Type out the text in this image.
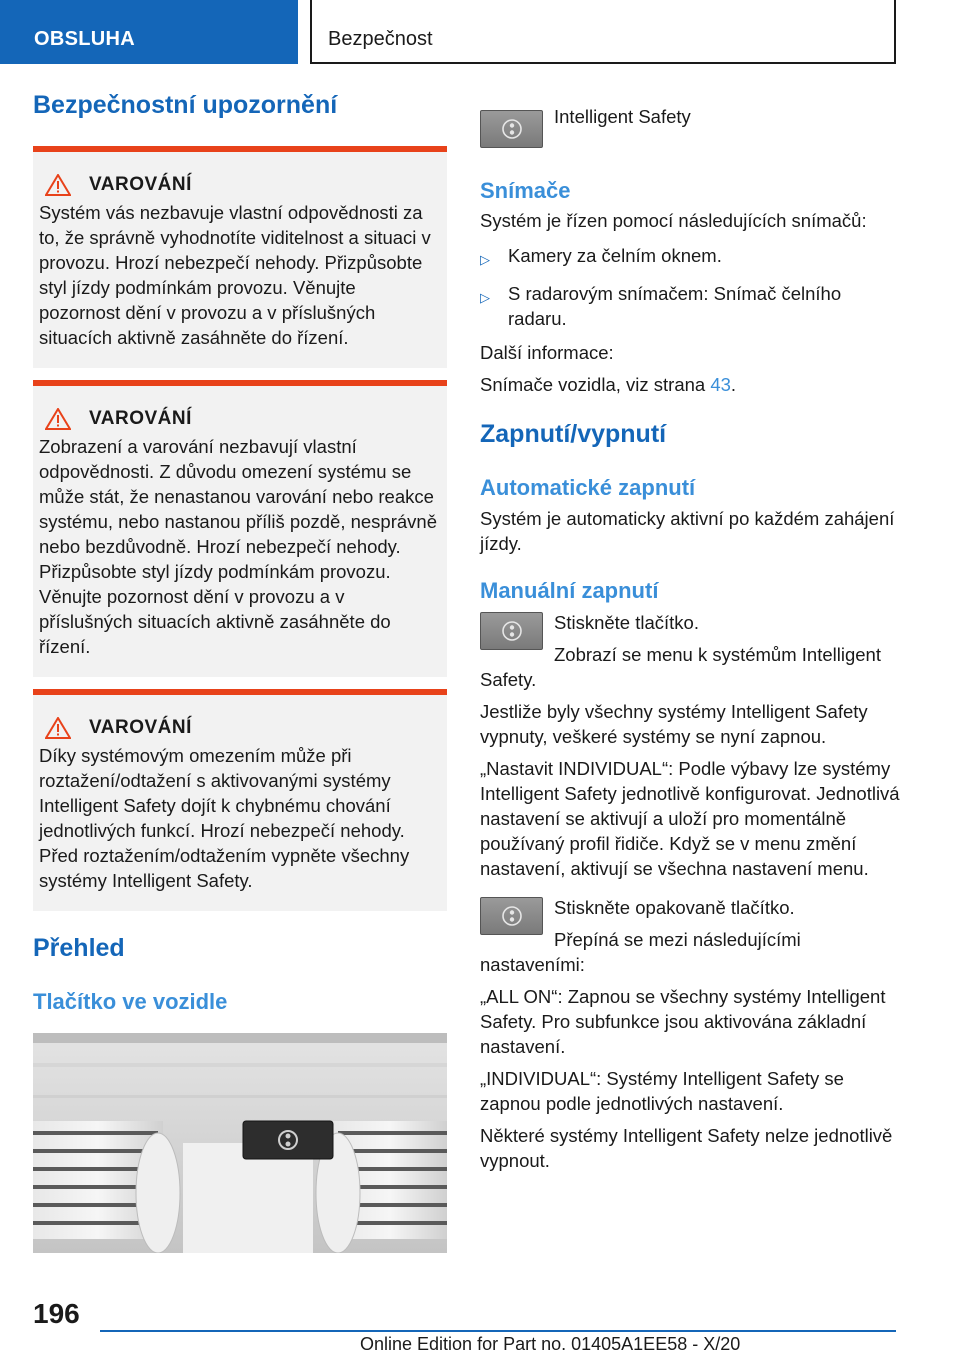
OBSLUHA	Bezpečnost
Bezpečnostní upozornění
VAROVÁNÍ

Systém vás nezbavuje vlastní odpovědnosti za to, že správně vyhodnotíte viditelnost a situaci v provozu. Hrozí nebezpečí nehody. Přizpůsobte styl jízdy podmínkám provozu. Věnujte pozornost dění v provozu a v příslušných situacích aktivně zasáhněte do řízení.

VAROVÁNÍ

Zobrazení a varování nezbavují vlastní odpovědnosti. Z důvodu omezení systému se může stát, že nenastanou varování nebo reakce systému, nebo nastanou příliš pozdě, nesprávně nebo bezdůvodně. Hrozí nebezpečí nehody. Přizpůsobte styl jízdy podmínkám provozu. Věnujte pozornost dění v provozu a v příslušných situacích aktivně zasáhněte do řízení.

VAROVÁNÍ

Díky systémovým omezením může při roztažení/odtažení s aktivovanými systémy Intelligent Safety dojít k chybnému chování jednotlivých funkcí. Hrozí nebezpečí nehody. Před roztažením/odtažením vypněte všechny systémy Intelligent Safety.

Přehled
Tlačítko ve vozidle

Intelligent Safety

Snímače

Systém je řízen pomocí následujících snímačů:

▷ Kamery za čelním oknem.
▷ S radarovým snímačem: Snímač čelního radaru.

Další informace:

Snímače vozidla, viz strana 43.

Zapnutí/vypnutí
Automatické zapnutí

Systém je automaticky aktivní po každém zahájení jízdy.

Manuální zapnutí

Stiskněte tlačítko.

Zobrazí se menu k systémům Intelligent Safety.

Jestliže byly všechny systémy Intelligent Safety vypnuty, veškeré systémy se nyní zapnou.

„Nastavit INDIVIDUAL“: Podle výbavy lze systémy Intelligent Safety jednotlivě konfigurovat. Jednotlivá nastavení se aktivují a uloží pro momentálně používaný profil řidiče. Když se v menu změní nastavení, aktivují se všechna nastavení menu.

Stiskněte opakovaně tlačítko.

Přepíná se mezi následujícími nastaveními:

„ALL ON“: Zapnou se všechny systémy Intelligent Safety. Pro subfunkce jsou aktivována základní nastavení.

„INDIVIDUAL“: Systémy Intelligent Safety se zapnou podle jednotlivých nastavení.

Některé systémy Intelligent Safety nelze jednotlivě vypnout.

196
Online Edition for Part no. 01405A1EE58 - X/20
